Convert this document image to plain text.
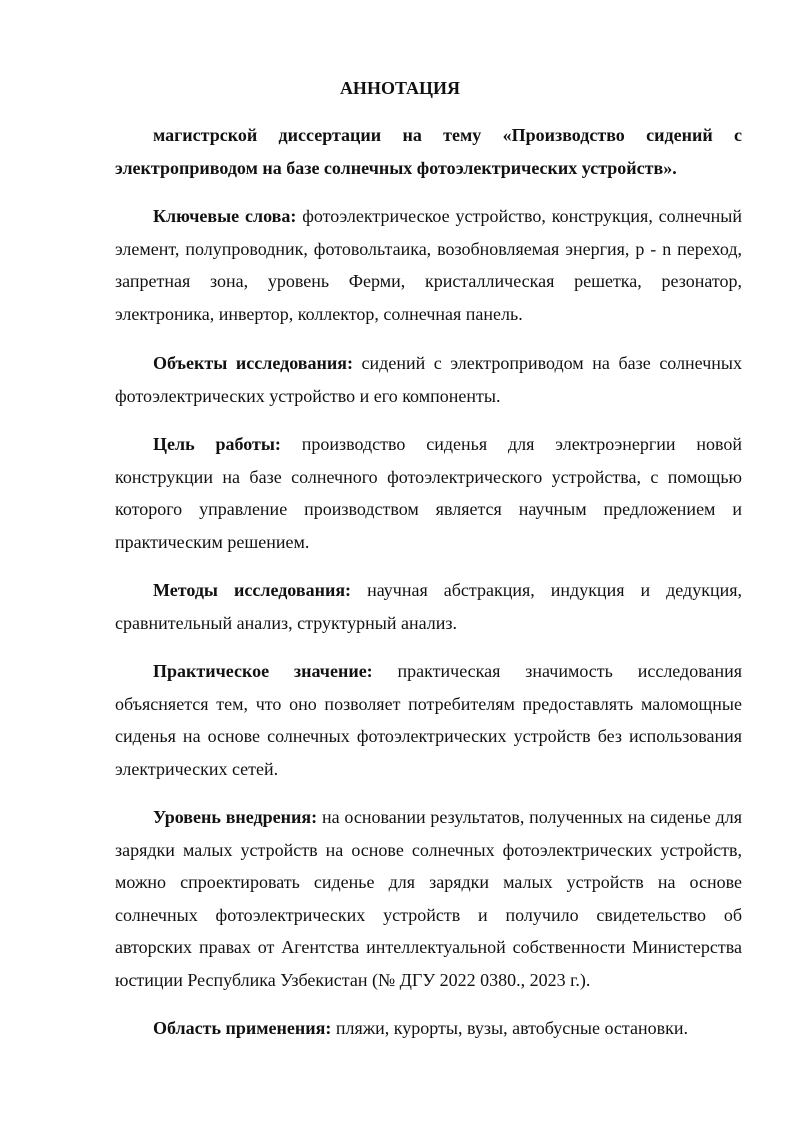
АННОТАЦИЯ

магистрской диссертации на тему «Производство сидений с электроприводом на базе солнечных фотоэлектрических устройств».

Ключевые слова: фотоэлектрическое устройство, конструкция, солнечный элемент, полупроводник, фотовольтаика, возобновляемая энергия, p - n переход, запретная зона, уровень Ферми, кристаллическая решетка, резонатор, электроника, инвертор, коллектор, солнечная панель.

Объекты исследования: сидений с электроприводом на базе солнечных фотоэлектрических устройство и его компоненты.

Цель работы: производство сиденья для электроэнергии новой конструкции на базе солнечного фотоэлектрического устройства, с помощью которого управление производством является научным предложением и практическим решением.

Методы исследования: научная абстракция, индукция и дедукция, сравнительный анализ, структурный анализ.

Практическое значение: практическая значимость исследования объясняется тем, что оно позволяет потребителям предоставлять маломощные сиденья на основе солнечных фотоэлектрических устройств без использования электрических сетей.

Уровень внедрения: на основании результатов, полученных на сиденье для зарядки малых устройств на основе солнечных фотоэлектрических устройств, можно спроектировать сиденье для зарядки малых устройств на основе солнечных фотоэлектрических устройств и получило свидетельство об авторских правах от Агентства интеллектуальной собственности Министерства юстиции Республика Узбекистан (№ ДГУ 2022 0380., 2023 г.).

Область применения: пляжи, курорты, вузы, автобусные остановки.
